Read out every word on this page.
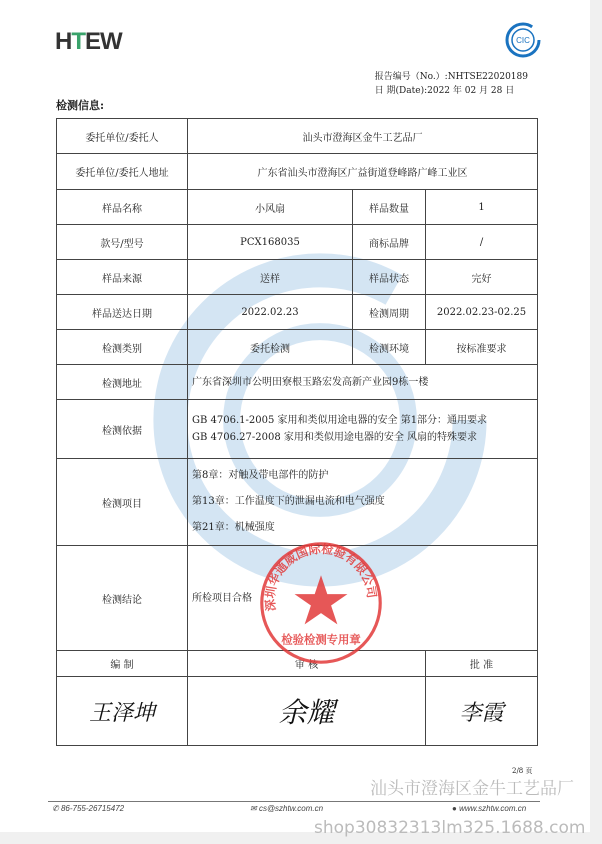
HTEW	CIC
报告编号（No.）:NHTSE22020189
日 期(Date):2022 年 02 月 28 日
检测信息:
委托单位/委托人	汕头市澄海区金牛工艺品厂		
委托单位/委托人地址	广东省汕头市澄海区广益街道登峰路广峰工业区		
样品名称	小风扇	样品数量	1
款号/型号	PCX168035	商标品牌	/
样品来源	送样	样品状态	完好
样品送达日期	2022.02.23	检测周期	2022.02.23-02.25
检测类别	委托检测	检测环境	按标准要求
检测地址	广东省深圳市公明田寮根玉路宏发高新产业园9栋一楼		
检测依据	GB 4706.1-2005 家用和类似用途电器的安全 第1部分：通用要求
GB 4706.27-2008 家用和类似用途电器的安全 风扇的特殊要求		

检测项目	第8章：对触及带电部件的防护
第13章：工作温度下的泄漏电流和电气强度
第21章：机械强度		

检测结论	所检项目合格		
编 制	审 核		批 准
王泽坤	余耀		李霞
深圳华通威国际检验有限公司
检验检测专用章
2/8 页
✆ 86-755-26715472	✉ cs@szhtw.com.cn	● www.szhtw.com.cn
汕头市澄海区金牛工艺品厂
shop30832313lm325.1688.com
